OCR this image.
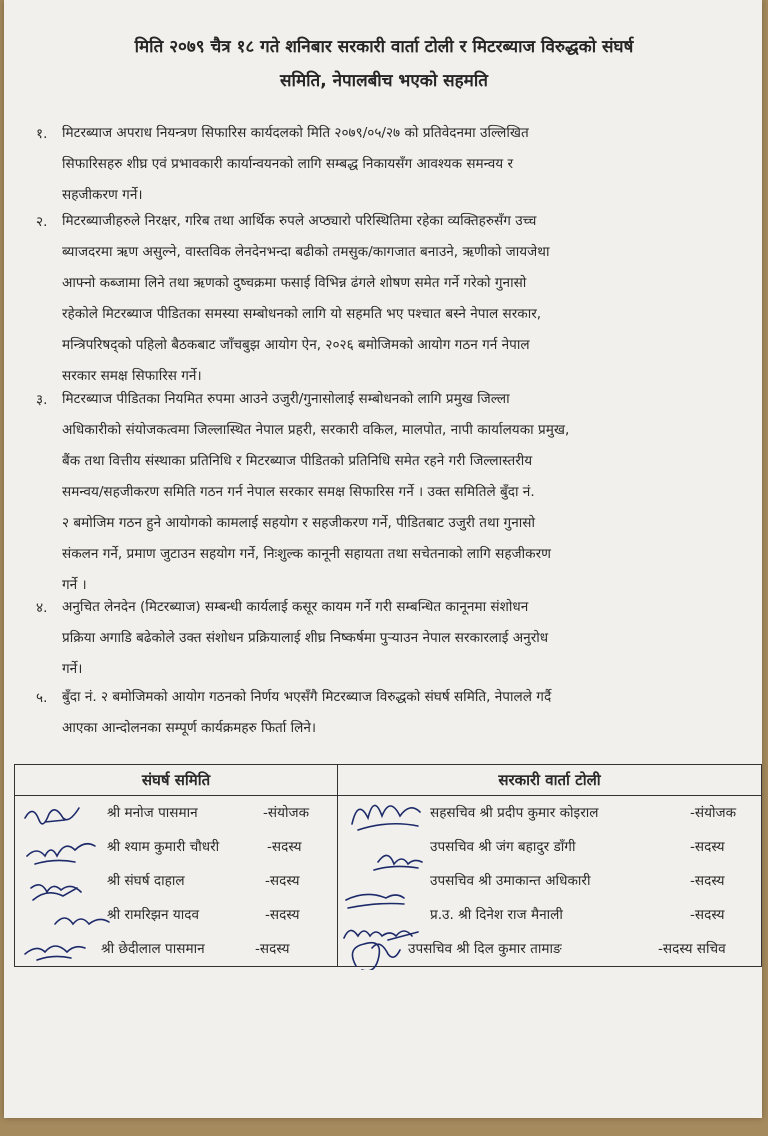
मिति २०७९ चैत्र १८ गते शनिबार सरकारी वार्ता टोली र मिटरब्याज विरुद्धको संघर्ष
समिति, नेपालबीच भएको सहमति
१. मिटरब्याज अपराध नियन्त्रण सिफारिस कार्यदलको मिति २०७९/०५/२७ को प्रतिवेदनमा उल्लिखित
सिफारिसहरु शीघ्र एवं प्रभावकारी कार्यान्वयनको लागि सम्बद्ध निकायसँग आवश्यक समन्वय र
सहजीकरण गर्ने।
२. मिटरब्याजीहरुले निरक्षर, गरिब तथा आर्थिक रुपले अप्ठ्यारो परिस्थितिमा रहेका व्यक्तिहरुसँग उच्च
ब्याजदरमा ऋण असुल्ने, वास्तविक लेनदेनभन्दा बढीको तमसुक/कागजात बनाउने, ऋणीको जायजेथा
आफ्नो कब्जामा लिने तथा ऋणको दुष्चक्रमा फसाई विभिन्न ढंगले शोषण समेत गर्ने गरेको गुनासो
रहेकोले मिटरब्याज पीडितका समस्या सम्बोधनको लागि यो सहमति भए पश्चात बस्ने नेपाल सरकार,
मन्त्रिपरिषद्को पहिलो बैठकबाट जाँचबुझ आयोग ऐन, २०२६ बमोजिमको आयोग गठन गर्न नेपाल
सरकार समक्ष सिफारिस गर्ने।
३. मिटरब्याज पीडितका नियमित रुपमा आउने उजुरी/गुनासोलाई सम्बोधनको लागि प्रमुख जिल्ला
अधिकारीको संयोजकत्वमा जिल्लास्थित नेपाल प्रहरी, सरकारी वकिल, मालपोत, नापी कार्यालयका प्रमुख,
बैंक तथा वित्तीय संस्थाका प्रतिनिधि र मिटरब्याज पीडितको प्रतिनिधि समेत रहने गरी जिल्लास्तरीय
समन्वय/सहजीकरण समिति गठन गर्न नेपाल सरकार समक्ष सिफारिस गर्ने । उक्त समितिले बुँदा नं.
२ बमोजिम गठन हुने आयोगको कामलाई सहयोग र सहजीकरण गर्ने, पीडितबाट उजुरी तथा गुनासो
संकलन गर्ने, प्रमाण जुटाउन सहयोग गर्ने, निःशुल्क कानूनी सहायता तथा सचेतनाको लागि सहजीकरण
गर्ने ।
४. अनुचित लेनदेन (मिटरब्याज) सम्बन्धी कार्यलाई कसूर कायम गर्ने गरी सम्बन्धित कानूनमा संशोधन
प्रक्रिया अगाडि बढेकोले उक्त संशोधन प्रक्रियालाई शीघ्र निष्कर्षमा पुऱ्याउन नेपाल सरकारलाई अनुरोध
गर्ने।
५. बुँदा नं. २ बमोजिमको आयोग गठनको निर्णय भएसँगै मिटरब्याज विरुद्धको संघर्ष समिति, नेपालले गर्दै
आएका आन्दोलनका सम्पूर्ण कार्यक्रमहरु फिर्ता लिने।
संघर्ष समिति
श्री मनोज पासमान	-संयोजक
श्री श्याम कुमारी चौधरी	-सदस्य
श्री संघर्ष दाहाल	-सदस्य
श्री रामरिझन यादव	-सदस्य
श्री छेदीलाल पासमान	-सदस्य

सरकारी वार्ता टोली
सहसचिव श्री प्रदीप कुमार कोइराल	-संयोजक
उपसचिव श्री जंग बहादुर डाँगी	-सदस्य
उपसचिव श्री उमाकान्त अधिकारी	-सदस्य
प्र.उ. श्री दिनेश राज मैनाली	-सदस्य
उपसचिव श्री दिल कुमार तामाङ	-सदस्य सचिव
